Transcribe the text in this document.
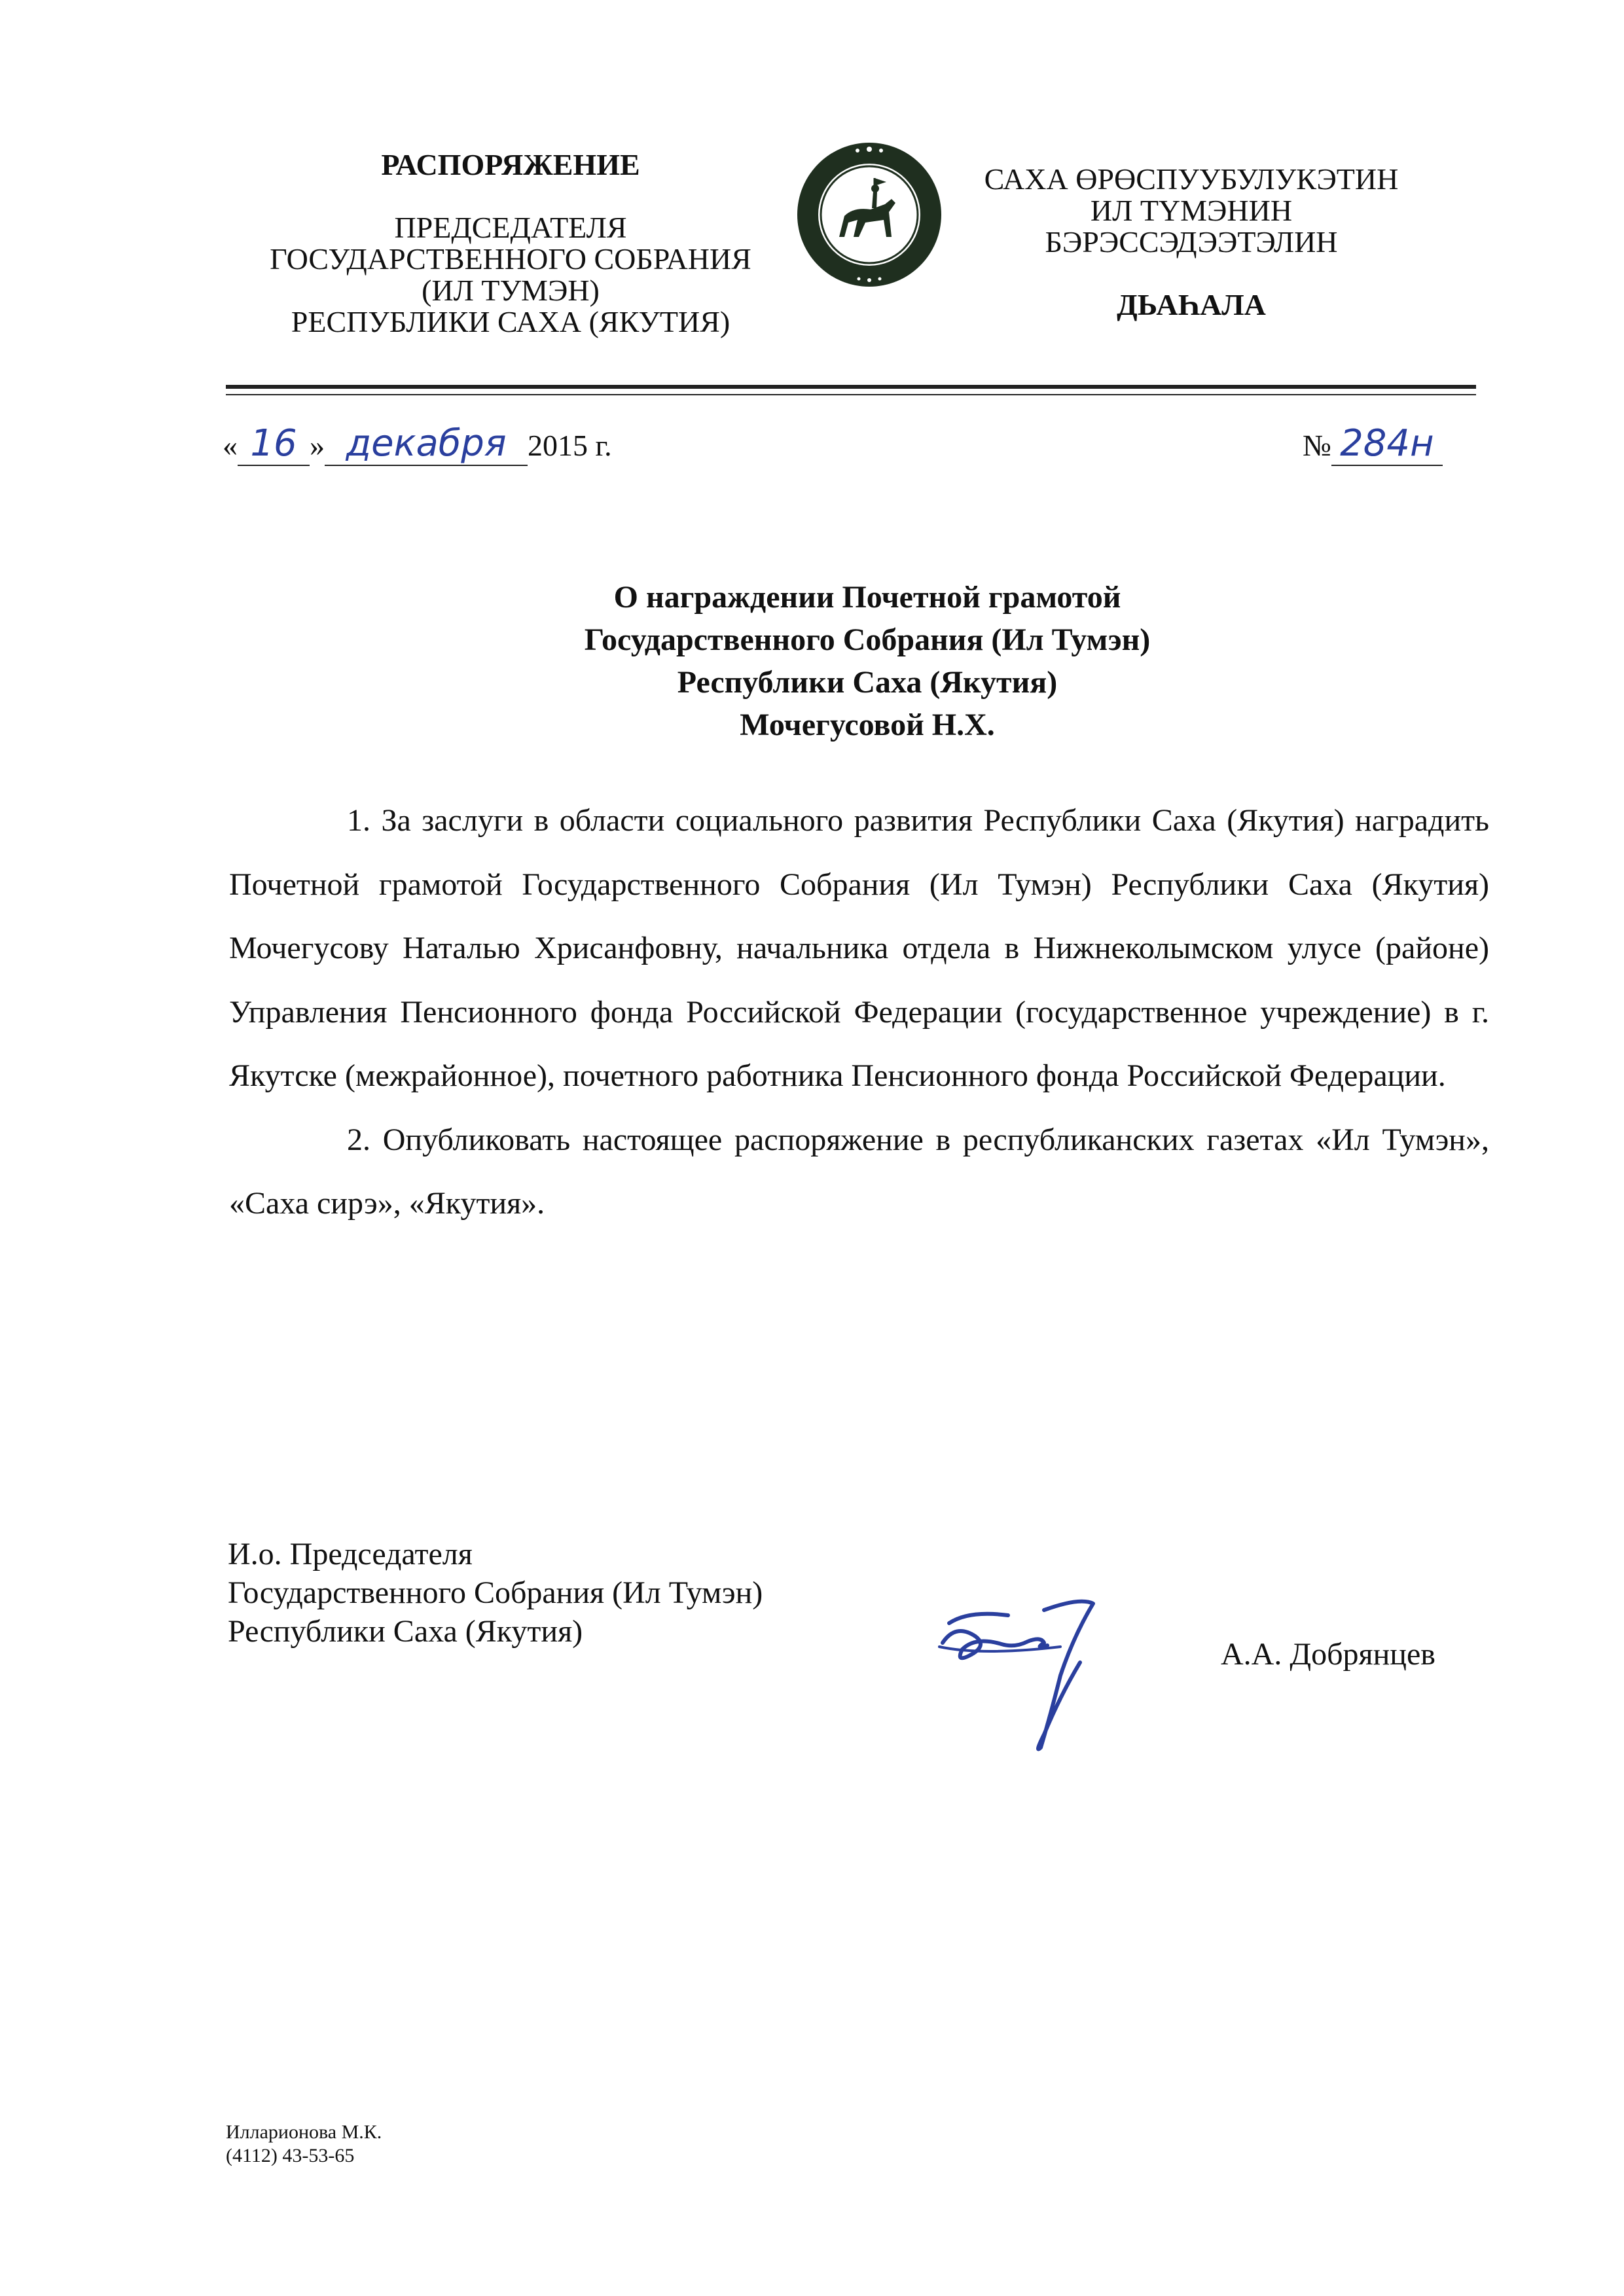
РАСПОРЯЖЕНИЕ
ПРЕДСЕДАТЕЛЯ
ГОСУДАРСТВЕННОГО СОБРАНИЯ
(ИЛ ТУМЭН)
РЕСПУБЛИКИ САХА (ЯКУТИЯ)
САХА ӨРӨСПУУБУЛУКЭТИН
ИЛ ТҮМЭНИН
БЭРЭССЭДЭЭТЭЛИН
ДЬАҺАЛА
« 16 » декабря 2015 г.	№ 284н
О награждении Почетной грамотой
Государственного Собрания (Ил Тумэн)
Республики Саха (Якутия)
Мочегусовой Н.Х.

1. За заслуги в области социального развития Республики Саха (Якутия) наградить Почетной грамотой Государственного Собрания (Ил Тумэн) Республики Саха (Якутия) Мочегусову Наталью Хрисанфовну, начальника отдела в Нижнеколымском улусе (районе) Управления Пенсионного фонда Российской Федерации (государственное учреждение) в г. Якутске (межрайонное), почетного работника Пенсионного фонда Российской Федерации.

2. Опубликовать настоящее распоряжение в республиканских газетах «Ил Тумэн», «Саха сирэ», «Якутия».

И.о. Председателя
Государственного Собрания (Ил Тумэн)
Республики Саха (Якутия)
А.А. Добрянцев
Илларионова М.К.
(4112) 43-53-65
